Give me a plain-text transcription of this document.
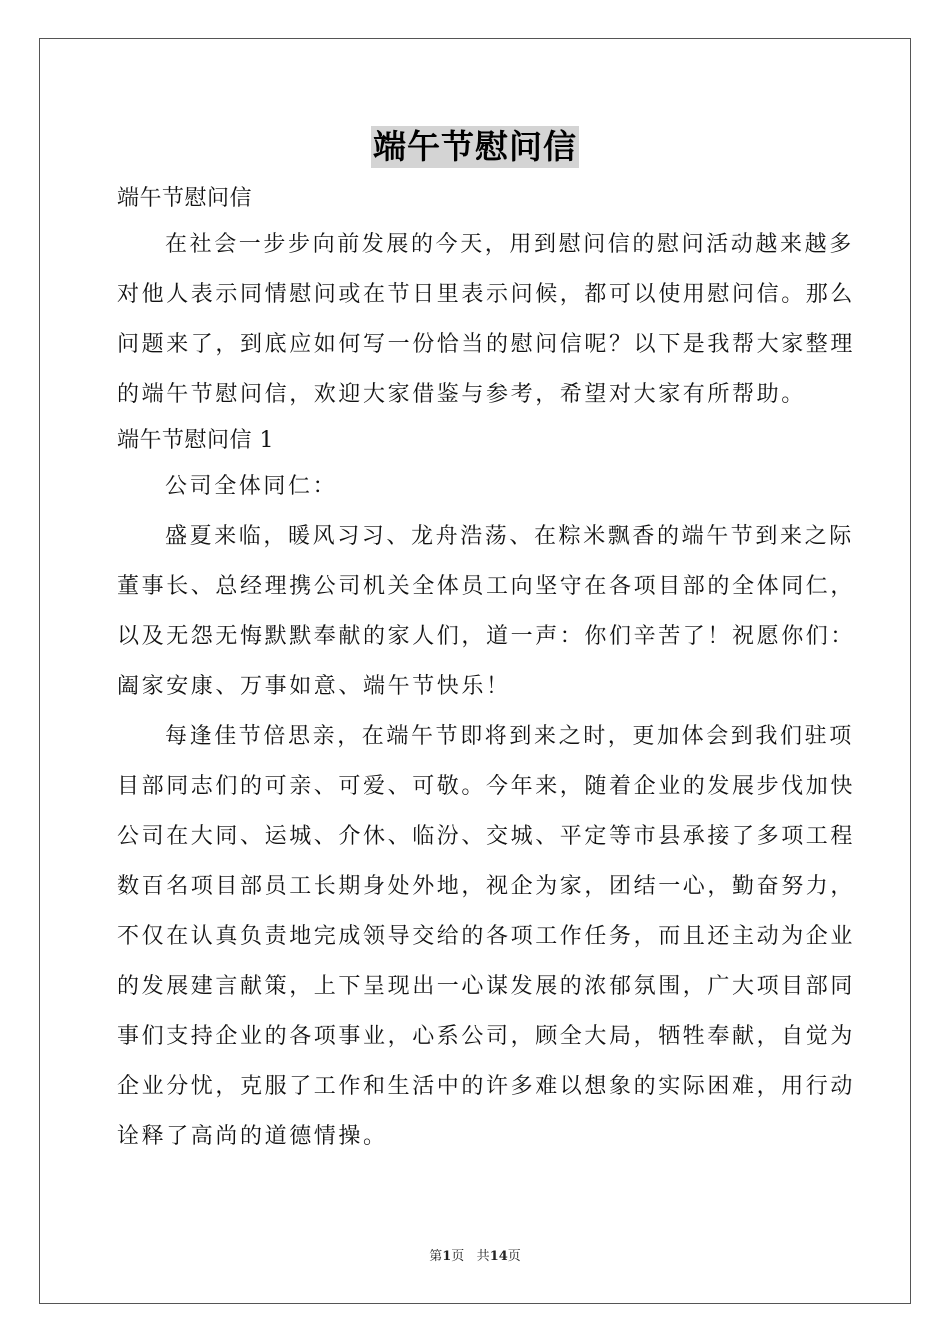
端午节慰问信
端午节慰问信
在社会一步步向前发展的今天，用到慰问信的慰问活动越来越多
对他人表示同情慰问或在节日里表示问候，都可以使用慰问信。那么
问题来了，到底应如何写一份恰当的慰问信呢？以下是我帮大家整理
的端午节慰问信，欢迎大家借鉴与参考，希望对大家有所帮助。
端午节慰问信 1
公司全体同仁：
盛夏来临，暖风习习、龙舟浩荡、在粽米飘香的端午节到来之际
董事长、总经理携公司机关全体员工向坚守在各项目部的全体同仁，
以及无怨无悔默默奉献的家人们，道一声：你们辛苦了！祝愿你们：
阖家安康、万事如意、端午节快乐！
每逢佳节倍思亲，在端午节即将到来之时，更加体会到我们驻项
目部同志们的可亲、可爱、可敬。今年来，随着企业的发展步伐加快
公司在大同、运城、介休、临汾、交城、平定等市县承接了多项工程
数百名项目部员工长期身处外地，视企为家，团结一心，勤奋努力，
不仅在认真负责地完成领导交给的各项工作任务，而且还主动为企业
的发展建言献策，上下呈现出一心谋发展的浓郁氛围，广大项目部同
事们支持企业的各项事业，心系公司，顾全大局，牺牲奉献，自觉为
企业分忧，克服了工作和生活中的许多难以想象的实际困难，用行动
诠释了高尚的道德情操。
第1页 共14页
